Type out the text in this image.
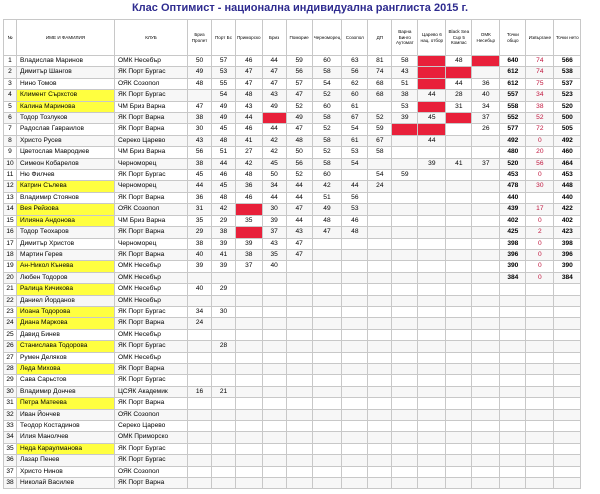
Клас Оптимист - национална индивидуална ранглиста 2015 г.
№	ИМЕ И ФАМИЛИЯ	КЛУБ	Бриз Пролет	Порт Бс	Приморско	Бриз	Поморие	Черноморец	Созопол	ДП	Варна Бинго Аутомат	Царево 6 нац. отбор	Black Sea Cup 5 Компас	ОМК Несебър	Точки общо	Извъргане	Точки нето
1	Владислав Маринов	ОМК Несебър	50	57	46	44	59	60	63	81	58	39	48	35	640	74	566
2	Димитър Шангов	ЯК Порт Бургас	49	53	47	47	56	58	56	74	43	28	24		612	74	538
3	Нино Томов	ОЯК Созопол	48	55	47	47	57	54	62	68	51	3	44	36	612	75	537
4	Климент Сърхстов	ЯК Порт Бургас		54	48	43	47	52	60	68	38	44	28	40	557	34	523
5	Калина Маринова	ЧМ Бриз Варна	47	49	43	49	52	60	61		53	38	31	34	558	38	520
6	Тодор Тозлуков	ЯК Порт Варна	38	49	44		49	58	67	52	39	45	14	37	552	52	500
7	Радослав Гавраилов	ЯК Порт Варна	30	45	46	44	47	52	54	59	24	24		26	577	72	505
8	Христо Русев	Сереко Царево	43	48	41	42	48	58	61	67		44			492	0	492
9	Цветослав Мавродиев	ЧМ Бриз Варна	56	51	27	42	50	52	53	58					480	20	460
10	Симеон Кобарелов	Черноморец	38	44	42	45	56	58	54			39	41	37	520	56	464
11	Ню Филчев	ЯК Порт Бургас	45	46	48	50	52	60		54	59				453	0	453
12	Катрин Сълева	Черноморец	44	45	36	34	44	42	44	24					478	30	448
13	Владимир Стоянов	ЯК Порт Варна	36	48	46	44	44	51	56						440		440
14	Вея Рейзова	ОЯК Созопол	31	42	17	30	47	49	53						439	17	422
15	Илияна Андонова	ЧМ Бриз Варна	35	29	35	39	44	48	46						402	0	402
16	Тодор Теохаров	ЯК Порт Варна	29	38	23	37	43	47	48						425	2	423
17	Димитър Христов	Черноморец	38	39	39	43	47								398	0	398
18	Мартин Герев	ЯК Порт Варна	40	41	38	35	47								396	0	396
19	Ан-Никол Кънева	ОМК Несебър	39	39	37	40									390	0	390
20	Любен Тодоров	ОМК Несебър													384	0	384
21	Ралица Кичикова	ОМК Несебър	40	29													
22	Даниел Йорданов	ОМК Несебър															
23	Иоана Тодорова	ЯК Порт Бургас	34	30													
24	Диана Маркова	ЯК Порт Варна	24														
25	Давид Бинев	ОМК Несебър															
26	Станислава Тодорова	ЯК Порт Бургас		28													
27	Румен Деляков	ОМК Несебър															
28	Леда Михова	ЯК Порт Варна															
29	Сава Сарьстов	ЯК Порт Бургас															
30	Владимир Дончев	ЦСЯК Академик	16	21													
31	Петра Матеева	ЯК Порт Варна															
32	Иван Йончев	ОЯК Созопол															
33	Теодор Костадинов	Сереко Царево															
34	Илия Манолчев	ОМК Приморско															
35	Неда Караулманова	ЯК Порт Бургас															
36	Лазар Пенев	ЯК Порт Бургас															
37	Христо Нинов	ОЯК Созопол															
38	Николай Василев	ЯК Порт Варна															
